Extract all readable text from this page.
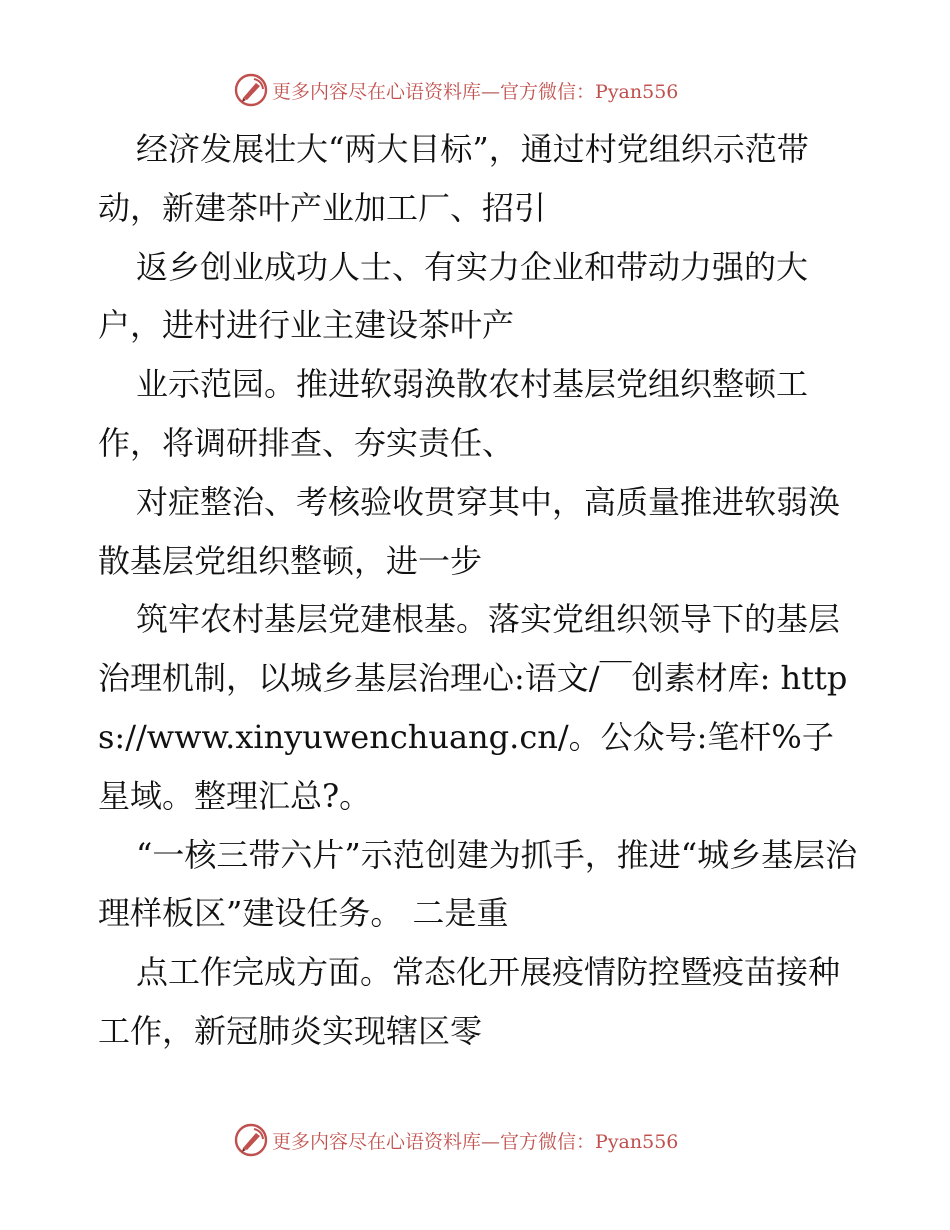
更多内容尽在心语资料库—官方微信：Pyan556

经济发展壮大“两大目标”，通过村党组织示范带动，新建茶叶产业加工厂、招引

返乡创业成功人士、有实力企业和带动力强的大户，进村进行业主建设茶叶产

业示范园。推进软弱涣散农村基层党组织整顿工作，将调研排查、夯实责任、

对症整治、考核验收贯穿其中，高质量推进软弱涣散基层党组织整顿，进一步

筑牢农村基层党建根基。落实党组织领导下的基层治理机制，以城乡基层治理心:语文/￣创素材库: https://www.xinyuwenchuang.cn/。公众号:笔杆%子星域。整理汇总?。

“一核三带六片”示范创建为抓手，推进“城乡基层治理样板区”建设任务。 二是重

点工作完成方面。常态化开展疫情防控暨疫苗接种工作，新冠肺炎实现辖区零

更多内容尽在心语资料库—官方微信：Pyan556
